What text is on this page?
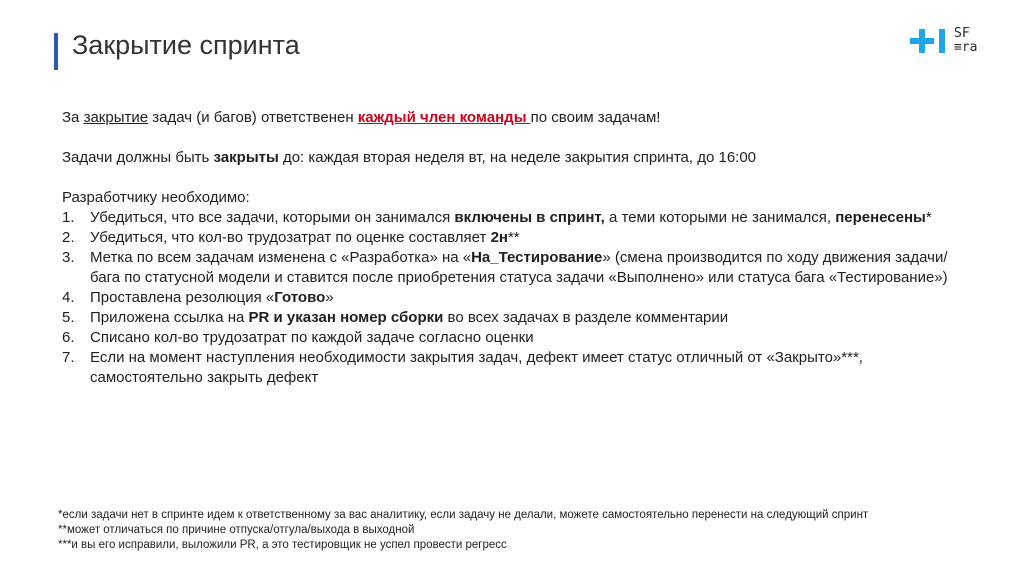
Закрытие спринта	SF
≡ra

За закрытие задач (и багов) ответственен каждый член команды по своим задачам!

Задачи должны быть закрыты до: каждая вторая неделя вт, на неделе закрытия спринта, до 16:00

Разработчику необходимо:

1. Убедиться, что все задачи, которыми он занимался включены в спринт, а теми которыми не занимался, перенесены*
2. Убедиться, что кол-во трудозатрат по оценке составляет 2н**
3. Метка по всем задачам изменена с «Разработка» на «На_Тестирование» (смена производится по ходу движения задачи/бага по статусной модели и ставится после приобретения статуса задачи «Выполнено» или статуса бага «Тестирование»)
4. Проставлена резолюция «Готово»
5. Приложена ссылка на PR и указан номер сборки во всех задачах в разделе комментарии
6. Списано кол-во трудозатрат по каждой задаче согласно оценки
7. Если на момент наступления необходимости закрытия задач, дефект имеет статус отличный от «Закрыто»***, самостоятельно закрыть дефект
*если задачи нет в спринте идем к ответственному за вас аналитику, если задачу не делали, можете самостоятельно перенести на следующий спринт
**может отличаться по причине отпуска/отгула/выхода в выходной
***и вы его исправили, выложили PR, а это тестировщик не успел провести регресс
